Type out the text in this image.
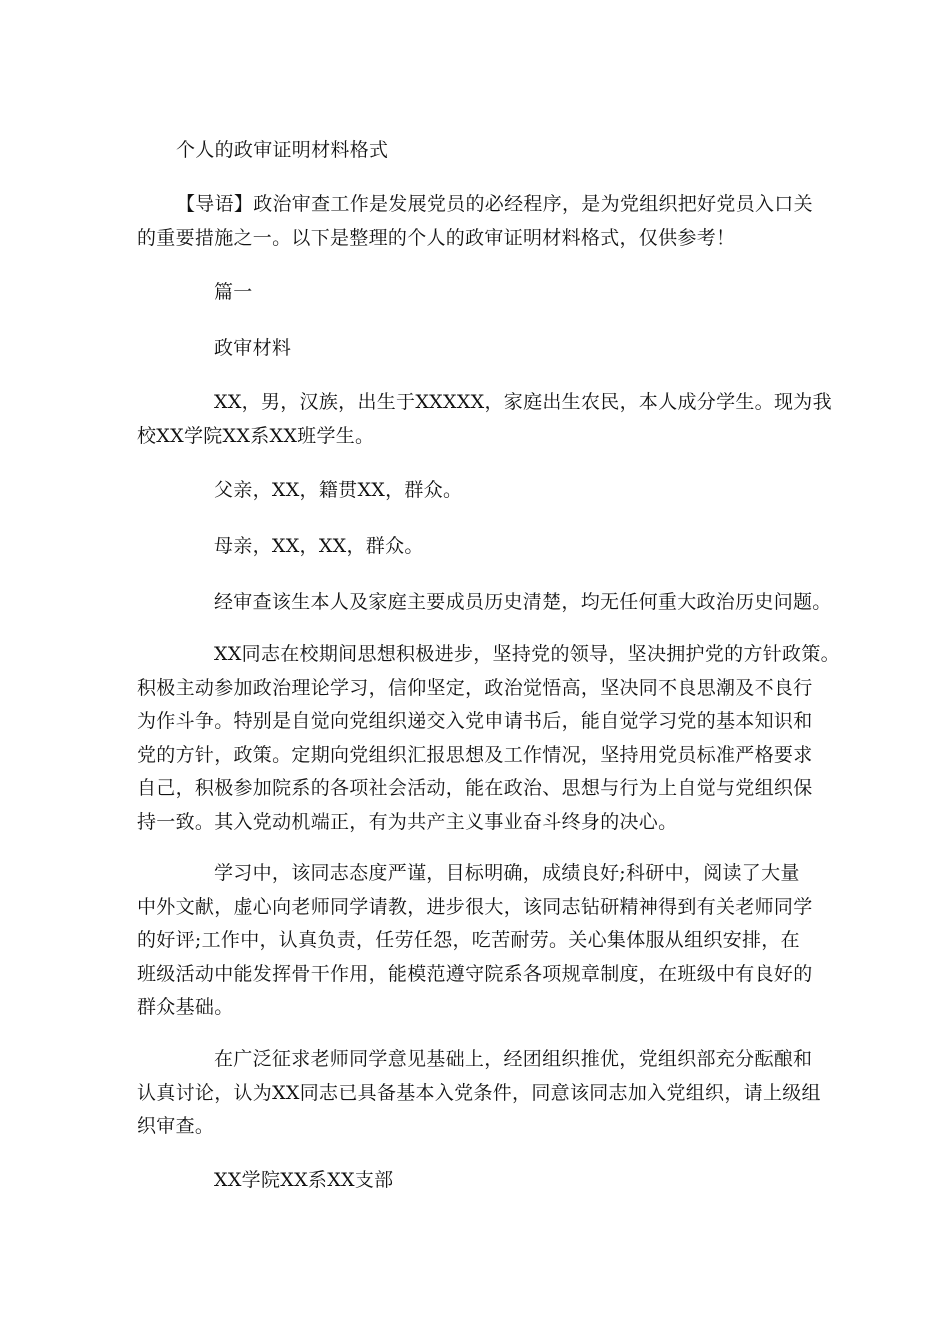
个人的政审证明材料格式
【导语】政治审查工作是发展党员的必经程序，是为党组织把好党员入口关
的重要措施之一。以下是整理的个人的政审证明材料格式，仅供参考！
篇一
政审材料
XX，男，汉族，出生于XXXXX，家庭出生农民，本人成分学生。现为我
校XX学院XX系XX班学生。
父亲，XX，籍贯XX，群众。
母亲，XX，XX，群众。
经审查该生本人及家庭主要成员历史清楚，均无任何重大政治历史问题。
XX同志在校期间思想积极进步，坚持党的领导，坚决拥护党的方针政策。
积极主动参加政治理论学习，信仰坚定，政治觉悟高，坚决同不良思潮及不良行
为作斗争。特别是自觉向党组织递交入党申请书后，能自觉学习党的基本知识和
党的方针，政策。定期向党组织汇报思想及工作情况，坚持用党员标准严格要求
自己，积极参加院系的各项社会活动，能在政治、思想与行为上自觉与党组织保
持一致。其入党动机端正，有为共产主义事业奋斗终身的决心。
学习中，该同志态度严谨，目标明确，成绩良好;科研中，阅读了大量
中外文献，虚心向老师同学请教，进步很大，该同志钻研精神得到有关老师同学
的好评;工作中，认真负责，任劳任怨，吃苦耐劳。关心集体服从组织安排，在
班级活动中能发挥骨干作用，能模范遵守院系各项规章制度，在班级中有良好的
群众基础。
在广泛征求老师同学意见基础上，经团组织推优，党组织部充分酝酿和
认真讨论，认为XX同志已具备基本入党条件，同意该同志加入党组织，请上级组
织审查。
XX学院XX系XX支部
